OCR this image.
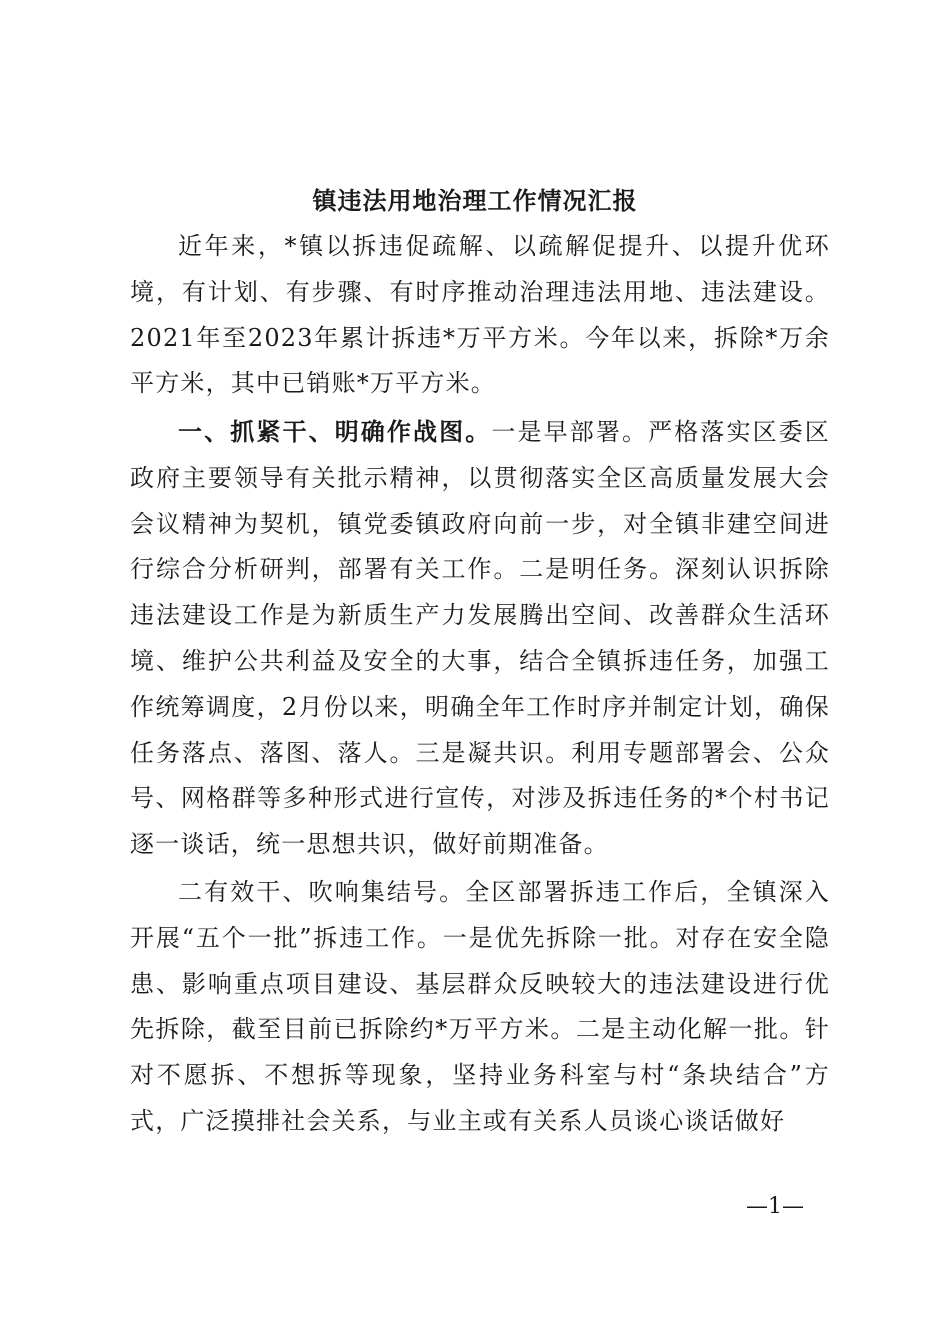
镇违法用地治理工作情况汇报

近年来，*镇以拆违促疏解、以疏解促提升、以提升优环境，有计划、有步骤、有时序推动治理违法用地、违法建设。2021年至2023年累计拆违*万平方米。今年以来，拆除*万余平方米，其中已销账*万平方米。

一、抓紧干、明确作战图。一是早部署。严格落实区委区政府主要领导有关批示精神，以贯彻落实全区高质量发展大会会议精神为契机，镇党委镇政府向前一步，对全镇非建空间进行综合分析研判，部署有关工作。二是明任务。深刻认识拆除违法建设工作是为新质生产力发展腾出空间、改善群众生活环境、维护公共利益及安全的大事，结合全镇拆违任务，加强工作统筹调度，2月份以来，明确全年工作时序并制定计划，确保任务落点、落图、落人。三是凝共识。利用专题部署会、公众号、网格群等多种形式进行宣传，对涉及拆违任务的*个村书记逐一谈话，统一思想共识，做好前期准备。

二有效干、吹响集结号。全区部署拆违工作后，全镇深入开展“五个一批”拆违工作。一是优先拆除一批。对存在安全隐患、影响重点项目建设、基层群众反映较大的违法建设进行优先拆除，截至目前已拆除约*万平方米。二是主动化解一批。针对不愿拆、不想拆等现象，坚持业务科室与村“条块结合”方式，广泛摸排社会关系，与业主或有关系人员谈心谈话做好

—1—
